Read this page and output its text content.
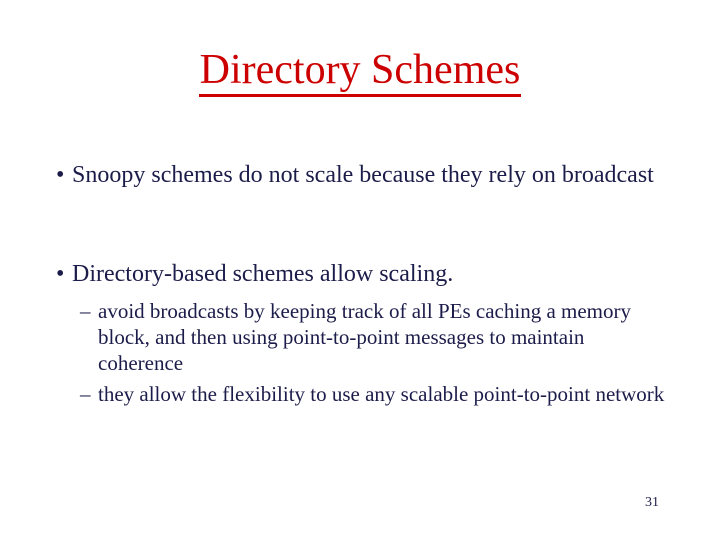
Directory Schemes

• Snoopy schemes do not scale because they rely on broadcast

• Directory-based schemes allow scaling.

– avoid broadcasts by keeping track of all PEs caching a memory block, and then using point-to-point messages to maintain coherence

– they allow the flexibility to use any scalable point-to-point network

31
